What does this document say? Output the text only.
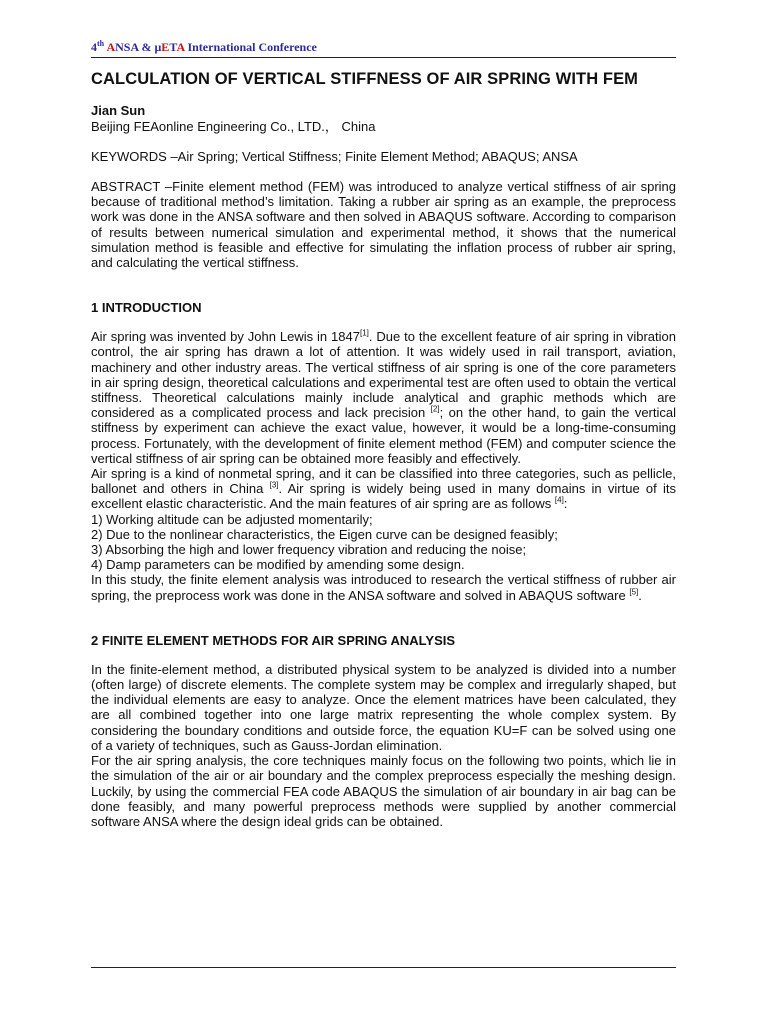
4th ANSA & μETA International Conference
CALCULATION OF VERTICAL STIFFNESS OF AIR SPRING WITH FEM
Jian Sun
Beijing FEAonline Engineering Co., LTD.， China
KEYWORDS –Air Spring; Vertical Stiffness; Finite Element Method; ABAQUS; ANSA
ABSTRACT –Finite element method (FEM) was introduced to analyze vertical stiffness of air spring because of traditional method’s limitation. Taking a rubber air spring as an example, the preprocess work was done in the ANSA software and then solved in ABAQUS software. According to comparison of results between numerical simulation and experimental method, it shows that the numerical simulation method is feasible and effective for simulating the inflation process of rubber air spring, and calculating the vertical stiffness.
1 INTRODUCTION

Air spring was invented by John Lewis in 1847[1]. Due to the excellent feature of air spring in vibration control, the air spring has drawn a lot of attention. It was widely used in rail transport, aviation, machinery and other industry areas. The vertical stiffness of air spring is one of the core parameters in air spring design, theoretical calculations and experimental test are often used to obtain the vertical stiffness. Theoretical calculations mainly include analytical and graphic methods which are considered as a complicated process and lack precision [2]; on the other hand, to gain the vertical stiffness by experiment can achieve the exact value, however, it would be a long-time-consuming process. Fortunately, with the development of finite element method (FEM) and computer science the vertical stiffness of air spring can be obtained more feasibly and effectively.

Air spring is a kind of nonmetal spring, and it can be classified into three categories, such as pellicle, ballonet and others in China [3]. Air spring is widely being used in many domains in virtue of its excellent elastic characteristic. And the main features of air spring are as follows [4]:

1) Working altitude can be adjusted momentarily;

2) Due to the nonlinear characteristics, the Eigen curve can be designed feasibly;

3) Absorbing the high and lower frequency vibration and reducing the noise;

4) Damp parameters can be modified by amending some design.

In this study, the finite element analysis was introduced to research the vertical stiffness of rubber air spring, the preprocess work was done in the ANSA software and solved in ABAQUS software [5].

2 FINITE ELEMENT METHODS FOR AIR SPRING ANALYSIS

In the finite-element method, a distributed physical system to be analyzed is divided into a number (often large) of discrete elements. The complete system may be complex and irregularly shaped, but the individual elements are easy to analyze. Once the element matrices have been calculated, they are all combined together into one large matrix representing the whole complex system. By considering the boundary conditions and outside force, the equation KU=F can be solved using one of a variety of techniques, such as Gauss-Jordan elimination.

For the air spring analysis, the core techniques mainly focus on the following two points, which lie in the simulation of the air or air boundary and the complex preprocess especially the meshing design. Luckily, by using the commercial FEA code ABAQUS the simulation of air boundary in air bag can be done feasibly, and many powerful preprocess methods were supplied by another commercial software ANSA where the design ideal grids can be obtained.
